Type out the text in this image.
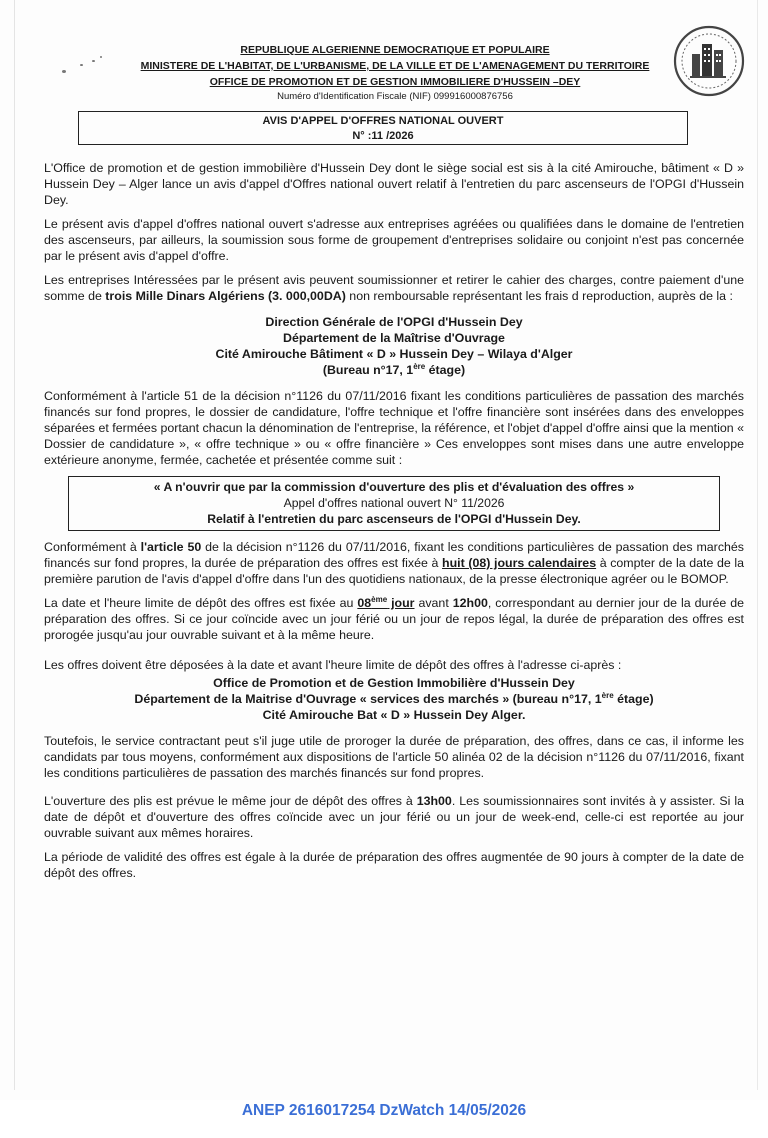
REPUBLIQUE ALGERIENNE DEMOCRATIQUE ET POPULAIRE
MINISTERE DE L'HABITAT, DE L'URBANISME, DE LA VILLE ET DE L'AMENAGEMENT DU TERRITOIRE
OFFICE DE PROMOTION ET DE GESTION IMMOBILIERE D'HUSSEIN –DEY
Numéro d'Identification Fiscale (NIF) 099916000876756
AVIS D'APPEL D'OFFRES NATIONAL OUVERT
N° :11 /2026

L'Office de promotion et de gestion immobilière d'Hussein Dey dont le siège social est sis à la cité Amirouche, bâtiment « D » Hussein Dey – Alger lance un avis d'appel d'Offres national ouvert relatif à l'entretien du parc ascenseurs de l'OPGI d'Hussein Dey.

Le présent avis d'appel d'offres national ouvert s'adresse aux entreprises agréées ou qualifiées dans le domaine de l'entretien des ascenseurs, par ailleurs, la soumission sous forme de groupement d'entreprises solidaire ou conjoint n'est pas concernée par le présent avis d'appel d'offre.

Les entreprises Intéressées par le présent avis peuvent soumissionner et retirer le cahier des charges, contre paiement d'une somme de trois Mille Dinars Algériens (3. 000,00DA) non remboursable représentant les frais d reproduction, auprès de la :

Direction Générale de l'OPGI d'Hussein Dey
Département de la Maîtrise d'Ouvrage
Cité Amirouche Bâtiment « D » Hussein Dey – Wilaya d'Alger
(Bureau n°17, 1ère étage)

Conformément à l'article 51 de la décision n°1126 du 07/11/2016 fixant les conditions particulières de passation des marchés financés sur fond propres, le dossier de candidature, l'offre technique et l'offre financière sont insérées dans des enveloppes séparées et fermées portant chacun la dénomination de l'entreprise, la référence, et l'objet d'appel d'offre ainsi que la mention « Dossier de candidature », « offre technique » ou « offre financière » Ces enveloppes sont mises dans une autre enveloppe extérieure anonyme, fermée, cachetée et présentée comme suit :

« A n'ouvrir que par la commission d'ouverture des plis et d'évaluation des offres »
Appel d'offres national ouvert N° 11/2026
Relatif à l'entretien du parc ascenseurs de l'OPGI d'Hussein Dey.

Conformément à l'article 50 de la décision n°1126 du 07/11/2016, fixant les conditions particulières de passation des marchés financés sur fond propres, la durée de préparation des offres est fixée à huit (08) jours calendaires à compter de la date de la première parution de l'avis d'appel d'offre dans l'un des quotidiens nationaux, de la presse électronique agréer ou le BOMOP.

La date et l'heure limite de dépôt des offres est fixée au 08ème jour avant 12h00, correspondant au dernier jour de la durée de préparation des offres. Si ce jour coïncide avec un jour férié ou un jour de repos légal, la durée de préparation des offres est prorogée jusqu'au jour ouvrable suivant et à la même heure.

Les offres doivent être déposées à la date et avant l'heure limite de dépôt des offres à l'adresse ci-après :

Office de Promotion et de Gestion Immobilière d'Hussein Dey
Département de la Maitrise d'Ouvrage « services des marchés » (bureau n°17, 1ère étage)
Cité Amirouche Bat « D » Hussein Dey Alger.

Toutefois, le service contractant peut s'il juge utile de proroger la durée de préparation, des offres, dans ce cas, il informe les candidats par tous moyens, conformément aux dispositions de l'article 50 alinéa 02 de la décision n°1126 du 07/11/2016, fixant les conditions particulières de passation des marchés financés sur fond propres.

L'ouverture des plis est prévue le même jour de dépôt des offres à 13h00. Les soumissionnaires sont invités à y assister. Si la date de dépôt et d'ouverture des offres coïncide avec un jour férié ou un jour de week-end, celle-ci est reportée au jour ouvrable suivant aux mêmes horaires.

La période de validité des offres est égale à la durée de préparation des offres augmentée de 90 jours à compter de la date de dépôt des offres.

ANEP 2616017254 DzWatch 14/05/2026
